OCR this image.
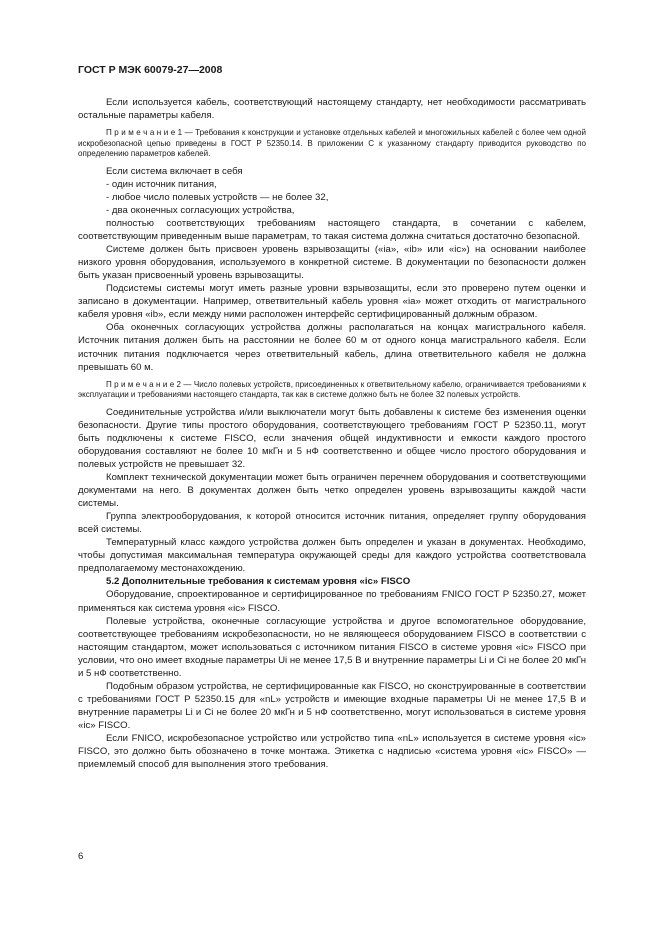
ГОСТ Р МЭК 60079-27—2008

Если используется кабель, соответствующий настоящему стандарту, нет необходимости рассматривать остальные параметры кабеля.

П р и м е ч а н и е 1 — Требования к конструкции и установке отдельных кабелей и многожильных кабелей с более чем одной искробезопасной цепью приведены в ГОСТ Р 52350.14. В приложении С к указанному стандарту приводится руководство по определению параметров кабелей.

Если система включает в себя

- один источник питания,

- любое число полевых устройств — не более 32,

- два оконечных согласующих устройства,

полностью соответствующих требованиям настоящего стандарта, в сочетании с кабелем, соответствующим приведенным выше параметрам, то такая система должна считаться достаточно безопасной.

Системе должен быть присвоен уровень взрывозащиты («ia», «ib» или «ic») на основании наиболее низкого уровня оборудования, используемого в конкретной системе. В документации по безопасности должен быть указан присвоенный уровень взрывозащиты.

Подсистемы системы могут иметь разные уровни взрывозащиты, если это проверено путем оценки и записано в документации. Например, ответвительный кабель уровня «ia» может отходить от магистрального кабеля уровня «ib», если между ними расположен интерфейс сертифицированный должным образом.

Оба оконечных согласующих устройства должны располагаться на концах магистрального кабеля. Источник питания должен быть на расстоянии не более 60 м от одного конца магистрального кабеля. Если источник питания подключается через ответвительный кабель, длина ответвительного кабеля не должна превышать 60 м.

П р и м е ч а н и е 2 — Число полевых устройств, присоединенных к ответвительному кабелю, ограничивается требованиями к эксплуатации и требованиями настоящего стандарта, так как в системе должно быть не более 32 полевых устройств.

Соединительные устройства и/или выключатели могут быть добавлены к системе без изменения оценки безопасности. Другие типы простого оборудования, соответствующего требованиям ГОСТ Р 52350.11, могут быть подключены к системе FISCO, если значения общей индуктивности и емкости каждого простого оборудования составляют не более 10 мкГн и 5 нФ соответственно и общее число простого оборудования и полевых устройств не превышает 32.

Комплект технической документации может быть ограничен перечнем оборудования и соответствующими документами на него. В документах должен быть четко определен уровень взрывозащиты каждой части системы.

Группа электрооборудования, к которой относится источник питания, определяет группу оборудования всей системы.

Температурный класс каждого устройства должен быть определен и указан в документах. Необходимо, чтобы допустимая максимальная температура окружающей среды для каждого устройства соответствовала предполагаемому местонахождению.

5.2 Дополнительные требования к системам уровня «ic» FISCO

Оборудование, спроектированное и сертифицированное по требованиям FNICO ГОСТ Р 52350.27, может применяться как система уровня «ic» FISCO.

Полевые устройства, оконечные согласующие устройства и другое вспомогательное оборудование, соответствующее требованиям искробезопасности, но не являющееся оборудованием FISCO в соответствии с настоящим стандартом, может использоваться с источником питания FISCO в системе уровня «ic» FISCO при условии, что оно имеет входные параметры Ui не менее 17,5 В и внутренние параметры Li и Ci не более 20 мкГн и 5 нФ соответственно.

Подобным образом устройства, не сертифицированные как FISCO, но сконструированные в соответствии с требованиями ГОСТ Р 52350.15 для «nL» устройств и имеющие входные параметры Ui не менее 17,5 В и внутренние параметры Li и Ci не более 20 мкГн и 5 нФ соответственно, могут использоваться в системе уровня «ic» FISCO.

Если FNICO, искробезопасное устройство или устройство типа «nL» используется в системе уровня «ic» FISCO, это должно быть обозначено в точке монтажа. Этикетка с надписью «система уровня «ic» FISCO» — приемлемый способ для выполнения этого требования.

6
